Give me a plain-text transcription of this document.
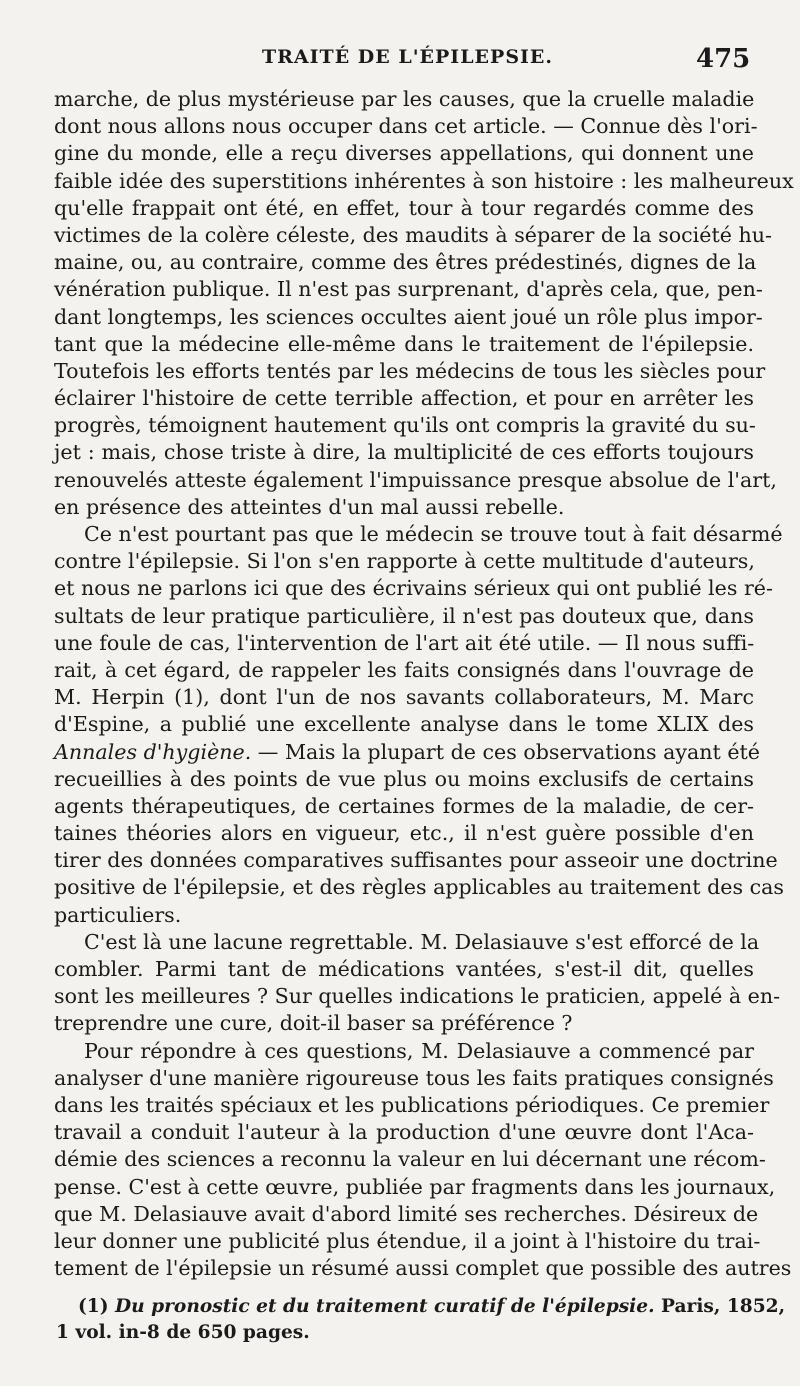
TRAITÉ DE L'ÉPILEPSIE.	475
marche, de plus mystérieuse par les causes, que la cruelle maladie
dont nous allons nous occuper dans cet article. — Connue dès l'ori-
gine du monde, elle a reçu diverses appellations, qui donnent une
faible idée des superstitions inhérentes à son histoire : les malheureux
qu'elle frappait ont été, en effet, tour à tour regardés comme des
victimes de la colère céleste, des maudits à séparer de la société hu-
maine, ou, au contraire, comme des êtres prédestinés, dignes de la
vénération publique. Il n'est pas surprenant, d'après cela, que, pen-
dant longtemps, les sciences occultes aient joué un rôle plus impor-
tant que la médecine elle-même dans le traitement de l'épilepsie.
Toutefois les efforts tentés par les médecins de tous les siècles pour
éclairer l'histoire de cette terrible affection, et pour en arrêter les
progrès, témoignent hautement qu'ils ont compris la gravité du su-
jet : mais, chose triste à dire, la multiplicité de ces efforts toujours
renouvelés atteste également l'impuissance presque absolue de l'art,
en présence des atteintes d'un mal aussi rebelle.
Ce n'est pourtant pas que le médecin se trouve tout à fait désarmé
contre l'épilepsie. Si l'on s'en rapporte à cette multitude d'auteurs,
et nous ne parlons ici que des écrivains sérieux qui ont publié les ré-
sultats de leur pratique particulière, il n'est pas douteux que, dans
une foule de cas, l'intervention de l'art ait été utile. — Il nous suffi-
rait, à cet égard, de rappeler les faits consignés dans l'ouvrage de
M. Herpin (1), dont l'un de nos savants collaborateurs, M. Marc
d'Espine, a publié une excellente analyse dans le tome XLIX des
Annales d'hygiène. — Mais la plupart de ces observations ayant été
recueillies à des points de vue plus ou moins exclusifs de certains
agents thérapeutiques, de certaines formes de la maladie, de cer-
taines théories alors en vigueur, etc., il n'est guère possible d'en
tirer des données comparatives suffisantes pour asseoir une doctrine
positive de l'épilepsie, et des règles applicables au traitement des cas
particuliers.
C'est là une lacune regrettable. M. Delasiauve s'est efforcé de la
combler. Parmi tant de médications vantées, s'est-il dit, quelles
sont les meilleures ? Sur quelles indications le praticien, appelé à en-
treprendre une cure, doit-il baser sa préférence ?
Pour répondre à ces questions, M. Delasiauve a commencé par
analyser d'une manière rigoureuse tous les faits pratiques consignés
dans les traités spéciaux et les publications périodiques. Ce premier
travail a conduit l'auteur à la production d'une œuvre dont l'Aca-
démie des sciences a reconnu la valeur en lui décernant une récom-
pense. C'est à cette œuvre, publiée par fragments dans les journaux,
que M. Delasiauve avait d'abord limité ses recherches. Désireux de
leur donner une publicité plus étendue, il a joint à l'histoire du trai-
tement de l'épilepsie un résumé aussi complet que possible des autres
(1) Du pronostic et du traitement curatif de l'épilepsie. Paris, 1852,
1 vol. in-8 de 650 pages.
